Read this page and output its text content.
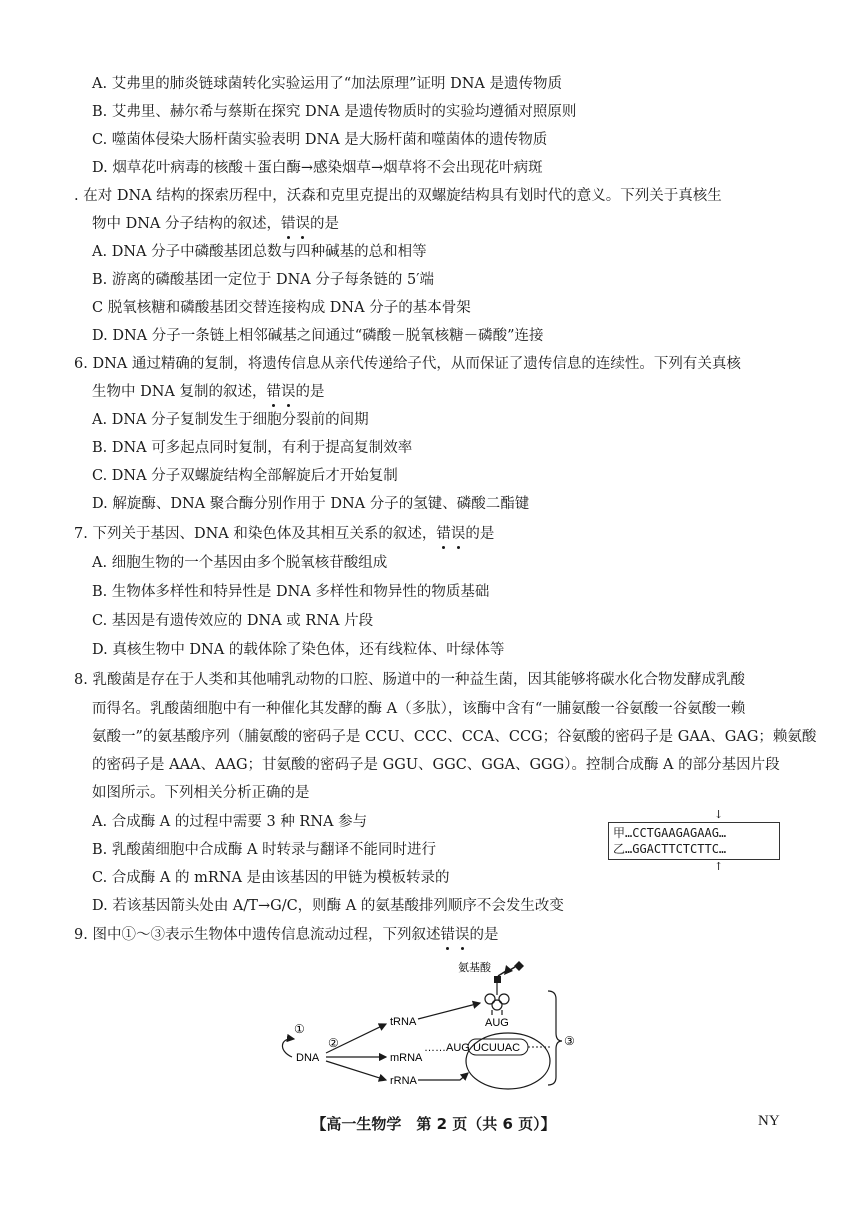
A. 艾弗里的肺炎链球菌转化实验运用了“加法原理”证明 DNA 是遗传物质
B. 艾弗里、赫尔希与蔡斯在探究 DNA 是遗传物质时的实验均遵循对照原则
C. 噬菌体侵染大肠杆菌实验表明 DNA 是大肠杆菌和噬菌体的遗传物质
D. 烟草花叶病毒的核酸＋蛋白酶→感染烟草→烟草将不会出现花叶病斑
. 在对 DNA 结构的探索历程中，沃森和克里克提出的双螺旋结构具有划时代的意义。下列关于真核生
物中 DNA 分子结构的叙述，错误的是
A. DNA 分子中磷酸基团总数与四种碱基的总和相等
B. 游离的磷酸基团一定位于 DNA 分子每条链的 5′端
C 脱氧核糖和磷酸基团交替连接构成 DNA 分子的基本骨架
D. DNA 分子一条链上相邻碱基之间通过“磷酸－脱氧核糖－磷酸”连接
6. DNA 通过精确的复制，将遗传信息从亲代传递给子代，从而保证了遗传信息的连续性。下列有关真核
生物中 DNA 复制的叙述，错误的是
A. DNA 分子复制发生于细胞分裂前的间期
B. DNA 可多起点同时复制，有利于提高复制效率
C. DNA 分子双螺旋结构全部解旋后才开始复制
D. 解旋酶、DNA 聚合酶分别作用于 DNA 分子的氢键、磷酸二酯键
7. 下列关于基因、DNA 和染色体及其相互关系的叙述，错误的是
A. 细胞生物的一个基因由多个脱氧核苷酸组成
B. 生物体多样性和特异性是 DNA 多样性和物异性的物质基础
C. 基因是有遗传效应的 DNA 或 RNA 片段
D. 真核生物中 DNA 的载体除了染色体，还有线粒体、叶绿体等
8. 乳酸菌是存在于人类和其他哺乳动物的口腔、肠道中的一种益生菌，因其能够将碳水化合物发酵成乳酸
而得名。乳酸菌细胞中有一种催化其发酵的酶 A（多肽），该酶中含有“一脯氨酸一谷氨酸一谷氨酸一赖
氨酸一”的氨基酸序列（脯氨酸的密码子是 CCU、CCC、CCA、CCG；谷氨酸的密码子是 GAA、GAG；赖氨酸
的密码子是 AAA、AAG；甘氨酸的密码子是 GGU、GGC、GGA、GGG）。控制合成酶 A 的部分基因片段
如图所示。下列相关分析正确的是
A. 合成酶 A 的过程中需要 3 种 RNA 参与
B. 乳酸菌细胞中合成酶 A 时转录与翻译不能同时进行
C. 合成酶 A 的 mRNA 是由该基因的甲链为模板转录的
D. 若该基因箭头处由 A/T→G/C，则酶 A 的氨基酸排列顺序不会发生改变
↓
甲…CCTGAAGAGAAG…
乙…GGACTTCTCTTC…
↑
9. 图中①～③表示生物体中遗传信息流动过程，下列叙述错误的是
氨基酸
AUG
……AUG UCUUAC	③
①
DNA
②
tRNA
mRNA
rRNA
【高一生物学　第 2 页（共 6 页）】	NY
